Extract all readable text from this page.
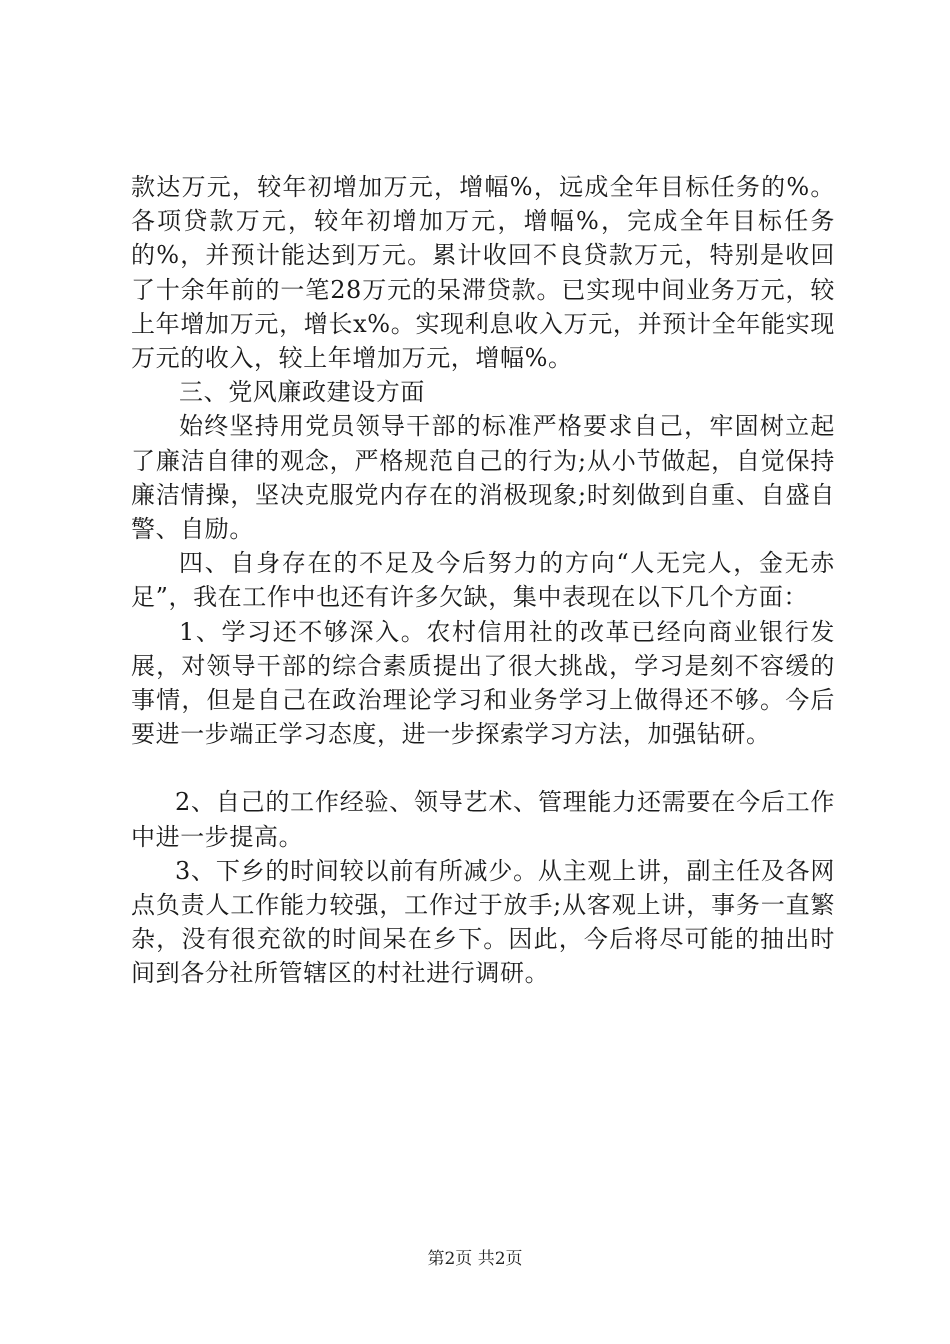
款达万元，较年初增加万元，增幅%，远成全年目标任务的%。各项贷款万元，较年初增加万元，增幅%，完成全年目标任务的%，并预计能达到万元。累计收回不良贷款万元，特别是收回了十余年前的一笔28万元的呆滞贷款。已实现中间业务万元，较上年增加万元，增长x%。实现利息收入万元，并预计全年能实现万元的收入，较上年增加万元，增幅%。

三、党风廉政建设方面

始终坚持用党员领导干部的标准严格要求自己，牢固树立起了廉洁自律的观念，严格规范自己的行为;从小节做起，自觉保持廉洁情操，坚决克服党内存在的消极现象;时刻做到自重、自盛自警、自励。

四、自身存在的不足及今后努力的方向“人无完人，金无赤足”，我在工作中也还有许多欠缺，集中表现在以下几个方面：

1、学习还不够深入。农村信用社的改革已经向商业银行发展，对领导干部的综合素质提出了很大挑战，学习是刻不容缓的事情，但是自己在政治理论学习和业务学习上做得还不够。今后要进一步端正学习态度，进一步探索学习方法，加强钻研。

2、自己的工作经验、领导艺术、管理能力还需要在今后工作中进一步提高。

3、下乡的时间较以前有所减少。从主观上讲，副主任及各网点负责人工作能力较强，工作过于放手;从客观上讲，事务一直繁杂，没有很充欲的时间呆在乡下。因此，今后将尽可能的抽出时间到各分社所管辖区的村社进行调研。

第2页 共2页
